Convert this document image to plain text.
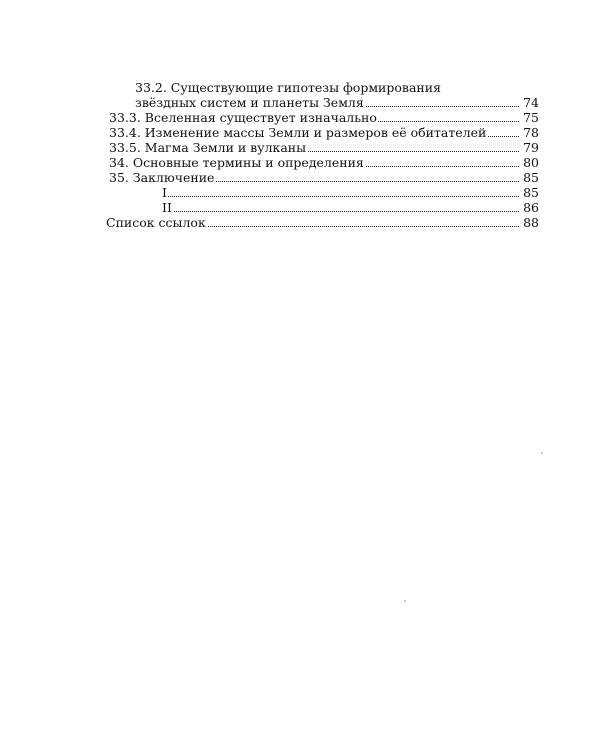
33.2. Существующие гипотезы формирования
звёздных систем и планеты Земля	74
33.3. Вселенная существует изначально	75
33.4. Изменение массы Земли и размеров её обитателей	78
33.5. Магма Земли и вулканы	79
34. Основные термины и определения	80
35. Заключение	85
I	85
II	86
Список ссылок	88
